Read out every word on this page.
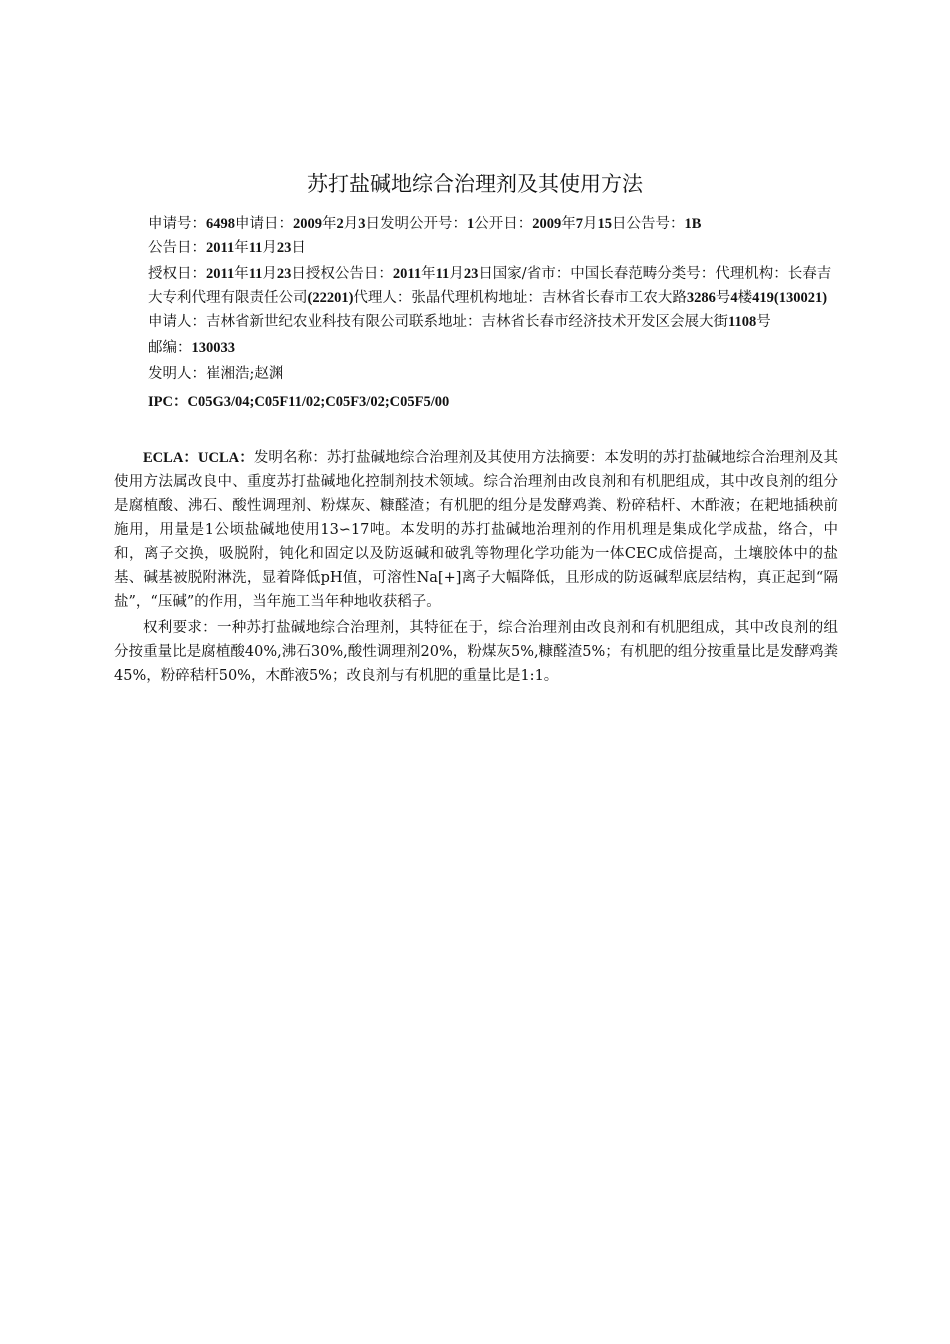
苏打盐碱地综合治理剂及其使用方法

申请号：6498申请日：2009年2月3日发明公开号：1公开日：2009年7月15日公告号：1B
公告日：2011年11月23日

授权日：2011年11月23日授权公告日：2011年11月23日国家/省市：中国长春范畴分类号：代理机构：长春吉大专利代理有限责任公司(22201)代理人：张晶代理机构地址：吉林省长春市工农大路3286号4楼419(130021)申请人：吉林省新世纪农业科技有限公司联系地址：吉林省长春市经济技术开发区会展大街1108号

邮编：130033

发明人：崔湘浩;赵渊

IPC：C05G3/04;C05F11/02;C05F3/02;C05F5/00

ECLA：UCLA：发明名称：苏打盐碱地综合治理剂及其使用方法摘要：本发明的苏打盐碱地综合治理剂及其使用方法属改良中、重度苏打盐碱地化控制剂技术领域。综合治理剂由改良剂和有机肥组成，其中改良剂的组分是腐植酸、沸石、酸性调理剂、粉煤灰、糠醛渣；有机肥的组分是发酵鸡粪、粉碎秸杆、木酢液；在耙地插秧前施用，用量是1公顷盐碱地使用13∽17吨。本发明的苏打盐碱地治理剂的作用机理是集成化学成盐，络合，中和，离子交换，吸脱附，钝化和固定以及防返碱和破乳等物理化学功能为一体CEC成倍提高，土壤胶体中的盐基、碱基被脱附淋洗，显着降低pH值，可溶性Na[+]离子大幅降低，且形成的防返碱犁底层结构，真正起到“隔盐”，“压碱”的作用，当年施工当年种地收获稻子。

权利要求：一种苏打盐碱地综合治理剂，其特征在于，综合治理剂由改良剂和有机肥组成，其中改良剂的组分按重量比是腐植酸40%,沸石30%,酸性调理剂20%，粉煤灰5%,糠醛渣5%；有机肥的组分按重量比是发酵鸡粪45%，粉碎秸杆50%，木酢液5%；改良剂与有机肥的重量比是1:1。
